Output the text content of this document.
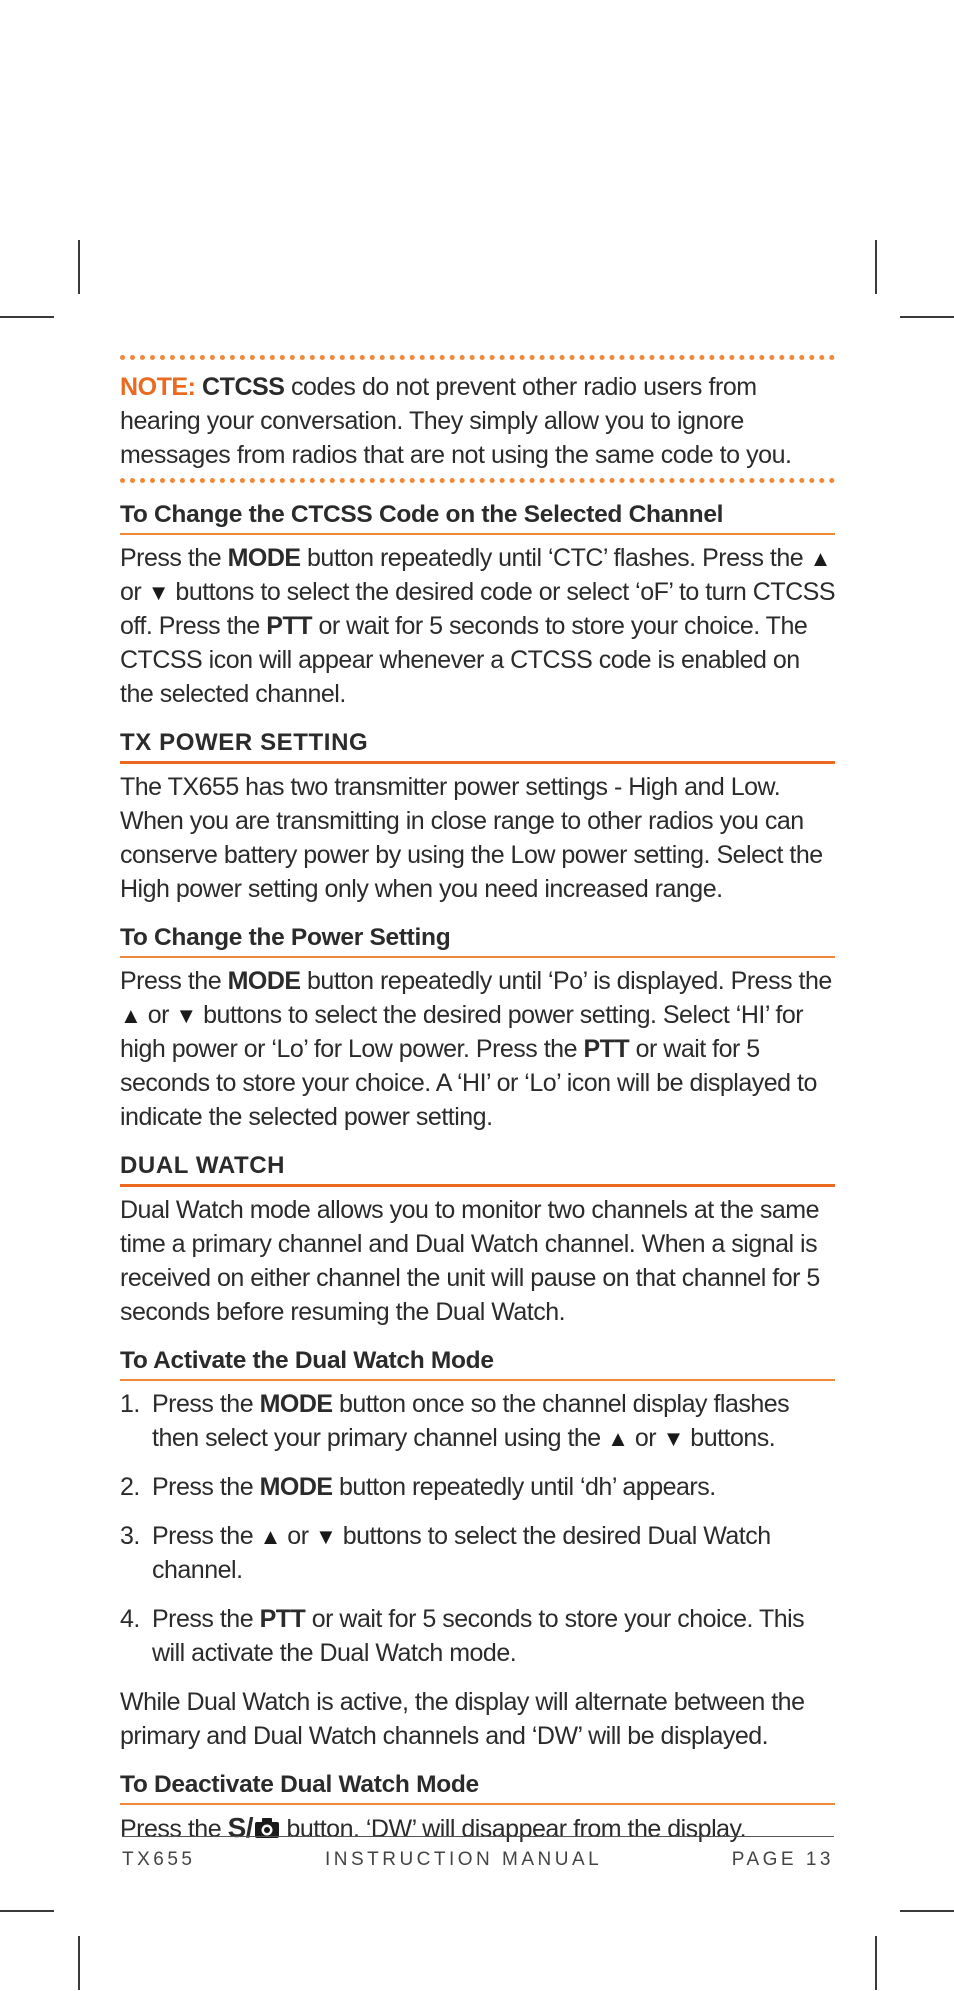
NOTE: CTCSS codes do not prevent other radio users from hearing your conversation. They simply allow you to ignore messages from radios that are not using the same code to you.
To Change the CTCSS Code on the Selected Channel

Press the MODE button repeatedly until ‘CTC’ flashes. Press the ▲ or ▼ buttons to select the desired code or select ‘oF’ to turn CTCSS off. Press the PTT or wait for 5 seconds to store your choice. The CTCSS icon will appear whenever a CTCSS code is enabled on the selected channel.

TX POWER SETTING

The TX655 has two transmitter power settings - High and Low. When you are transmitting in close range to other radios you can conserve battery power by using the Low power setting. Select the High power setting only when you need increased range.

To Change the Power Setting

Press the MODE button repeatedly until ‘Po’ is displayed. Press the ▲ or ▼ buttons to select the desired power setting. Select ‘HI’ for high power or ‘Lo’ for Low power. Press the PTT or wait for 5 seconds to store your choice. A ‘HI’ or ‘Lo’ icon will be displayed to indicate the selected power setting.

DUAL WATCH

Dual Watch mode allows you to monitor two channels at the same time a primary channel and Dual Watch channel. When a signal is received on either channel the unit will pause on that channel for 5 seconds before resuming the Dual Watch.

To Activate the Dual Watch Mode
1. Press the MODE button once so the channel display flashes then select your primary channel using the ▲ or ▼ buttons.
2. Press the MODE button repeatedly until ‘dh’ appears.
3. Press the ▲ or ▼ buttons to select the desired Dual Watch channel.
4. Press the PTT or wait for 5 seconds to store your choice. This will activate the Dual Watch mode.

While Dual Watch is active, the display will alternate between the primary and Dual Watch channels and ‘DW’ will be displayed.

To Deactivate Dual Watch Mode

Press the S/ button. ‘DW’ will disappear from the display.

TX655	INSTRUCTION MANUAL	PAGE 13
